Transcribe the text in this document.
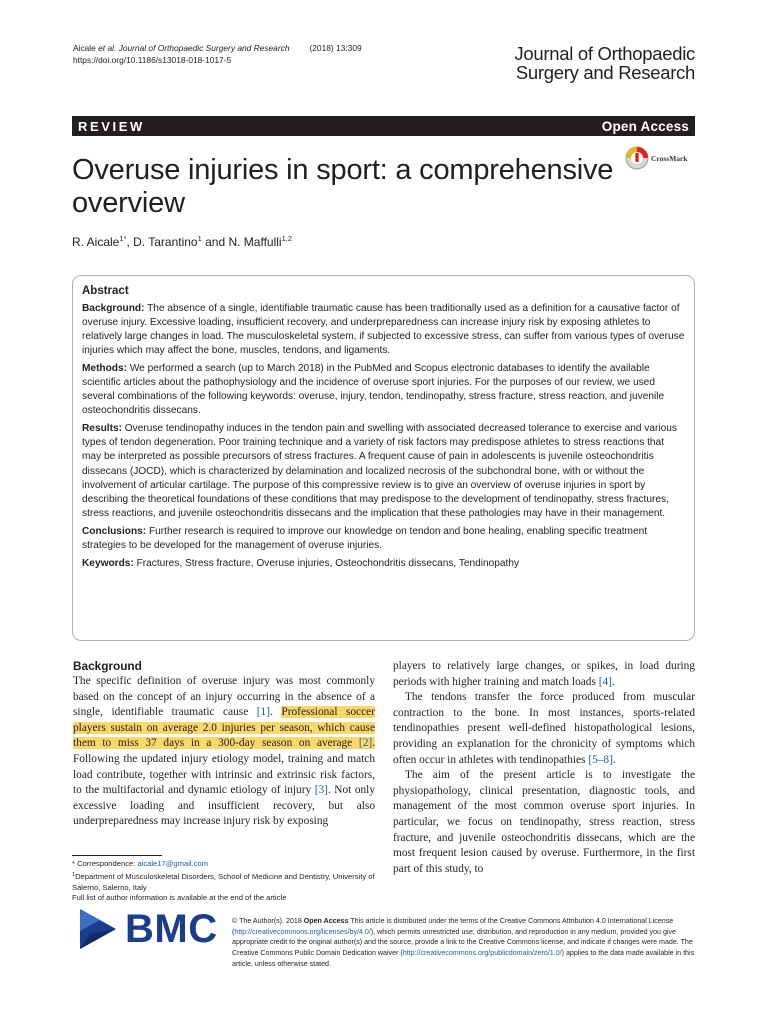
Aicale et al. Journal of Orthopaedic Surgery and Research (2018) 13:309
https://doi.org/10.1186/s13018-018-1017-5	Journal of Orthopaedic
Surgery and Research
REVIEW	Open Access
Overuse injuries in sport: a comprehensive overview
CrossMark
R. Aicale$^{1*}$, D. Tarantino$^1$ and N. Maffulli$^{1,2}$
Abstract
Background: The absence of a single, identifiable traumatic cause has been traditionally used as a definition for a causative factor of overuse injury. Excessive loading, insufficient recovery, and underpreparedness can increase injury risk by exposing athletes to relatively large changes in load. The musculoskeletal system, if subjected to excessive stress, can suffer from various types of overuse injuries which may affect the bone, muscles, tendons, and ligaments.
Methods: We performed a search (up to March 2018) in the PubMed and Scopus electronic databases to identify the available scientific articles about the pathophysiology and the incidence of overuse sport injuries. For the purposes of our review, we used several combinations of the following keywords: overuse, injury, tendon, tendinopathy, stress fracture, stress reaction, and juvenile osteochondritis dissecans.
Results: Overuse tendinopathy induces in the tendon pain and swelling with associated decreased tolerance to exercise and various types of tendon degeneration. Poor training technique and a variety of risk factors may predispose athletes to stress reactions that may be interpreted as possible precursors of stress fractures. A frequent cause of pain in adolescents is juvenile osteochondritis dissecans (JOCD), which is characterized by delamination and localized necrosis of the subchondral bone, with or without the involvement of articular cartilage. The purpose of this compressive review is to give an overview of overuse injuries in sport by describing the theoretical foundations of these conditions that may predispose to the development of tendinopathy, stress fractures, stress reactions, and juvenile osteochondritis dissecans and the implication that these pathologies may have in their management.
Conclusions: Further research is required to improve our knowledge on tendon and bone healing, enabling specific treatment strategies to be developed for the management of overuse injuries.
Keywords: Fractures, Stress fracture, Overuse injuries, Osteochondritis dissecans, Tendinopathy
Background

The specific definition of overuse injury was most commonly based on the concept of an injury occurring in the absence of a single, identifiable traumatic cause [1]. Professional soccer players sustain on average 2.0 injuries per season, which cause them to miss 37 days in a 300-day season on average [2]. Following the updated injury etiology model, training and match load contribute, together with intrinsic and extrinsic risk factors, to the multifactorial and dynamic etiology of injury [3]. Not only excessive loading and insufficient recovery, but also underpreparedness may increase injury risk by exposing

players to relatively large changes, or spikes, in load during periods with higher training and match loads [4].

The tendons transfer the force produced from muscular contraction to the bone. In most instances, sports-related tendinopathies present well-defined histopathological lesions, providing an explanation for the chronicity of symptoms which often occur in athletes with tendinopathies [5–8].

The aim of the present article is to investigate the physiopathology, clinical presentation, diagnostic tools, and management of the most common overuse sport injuries. In particular, we focus on tendinopathy, stress reaction, stress fracture, and juvenile osteochondritis dissecans, which are the most frequent lesion caused by overuse. Furthermore, in the first part of this study, to

* Correspondence: aicale17@gmail.com
$^1$Department of Musculoskeletal Disorders, School of Medicine and Dentistry, University of Salerno, Salerno, Italy
Full list of author information is available at the end of the article
BMC © The Author(s). 2018 Open Access This article is distributed under the terms of the Creative Commons Attribution 4.0 International License (http://creativecommons.org/licenses/by/4.0/), which permits unrestricted use, distribution, and reproduction in any medium, provided you give appropriate credit to the original author(s) and the source, provide a link to the Creative Commons license, and indicate if changes were made. The Creative Commons Public Domain Dedication waiver (http://creativecommons.org/publicdomain/zero/1.0/) applies to the data made available in this article, unless otherwise stated.
